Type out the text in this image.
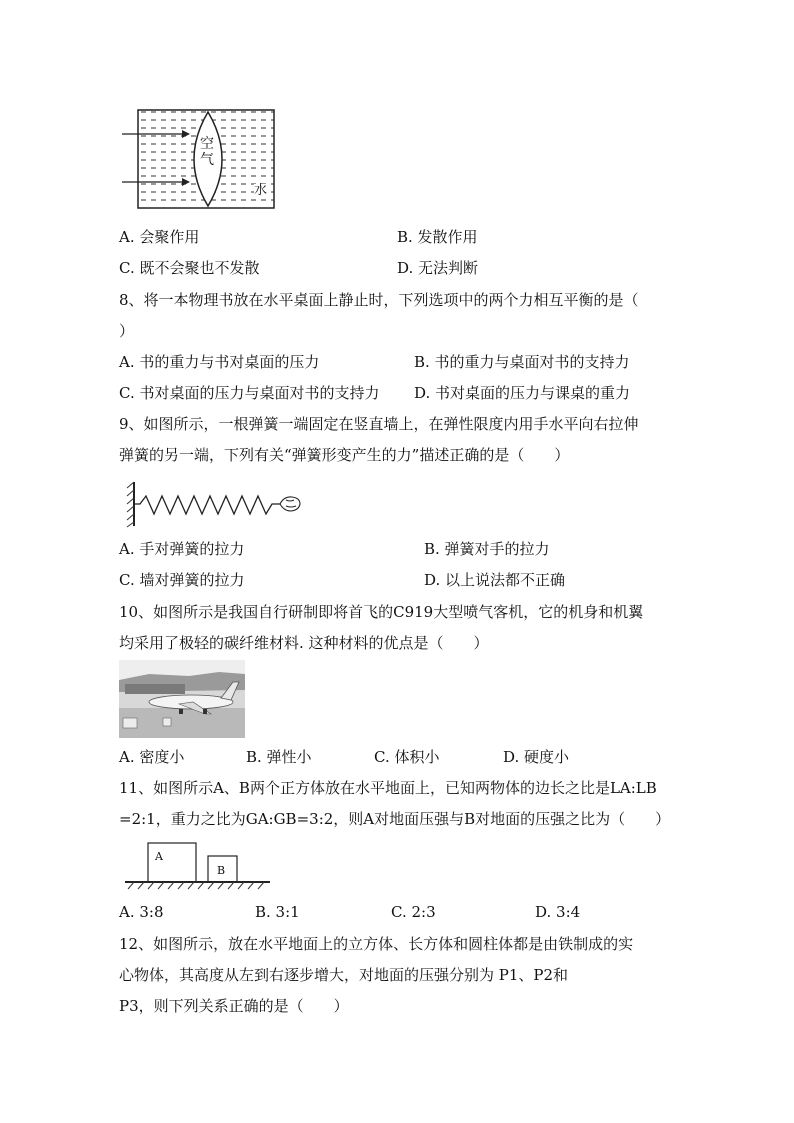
空
气
水
A. 会聚作用	B. 发散作用
C. 既不会聚也不发散	D. 无法判断
8、将一本物理书放在水平桌面上静止时，下列选项中的两个力相互平衡的是（
）
A. 书的重力与书对桌面的压力	B. 书的重力与桌面对书的支持力
C. 书对桌面的压力与桌面对书的支持力 D. 书对桌面的压力与课桌的重力
9、如图所示，一根弹簧一端固定在竖直墙上，在弹性限度内用手水平向右拉伸
弹簧的另一端，下列有关“弹簧形变产生的力”描述正确的是（　　）
A. 手对弹簧的拉力	B. 弹簧对手的拉力
C. 墙对弹簧的拉力	D. 以上说法都不正确
10、如图所示是我国自行研制即将首飞的C919大型喷气客机，它的机身和机翼
均采用了极轻的碳纤维材料. 这种材料的优点是（　　）
A. 密度小	B. 弹性小	C. 体积小	D. 硬度小
11、如图所示A、B两个正方体放在水平地面上，已知两物体的边长之比是LA:LB
=2:1，重力之比为GA:GB=3:2，则A对地面压强与B对地面的压强之比为（　　）
A
B
A. 3:8	B. 3:1	C. 2:3	D. 3:4
12、如图所示，放在水平地面上的立方体、长方体和圆柱体都是由铁制成的实
心物体，其高度从左到右逐步增大，对地面的压强分别为 P1、P2和
P3，则下列关系正确的是（　　）
